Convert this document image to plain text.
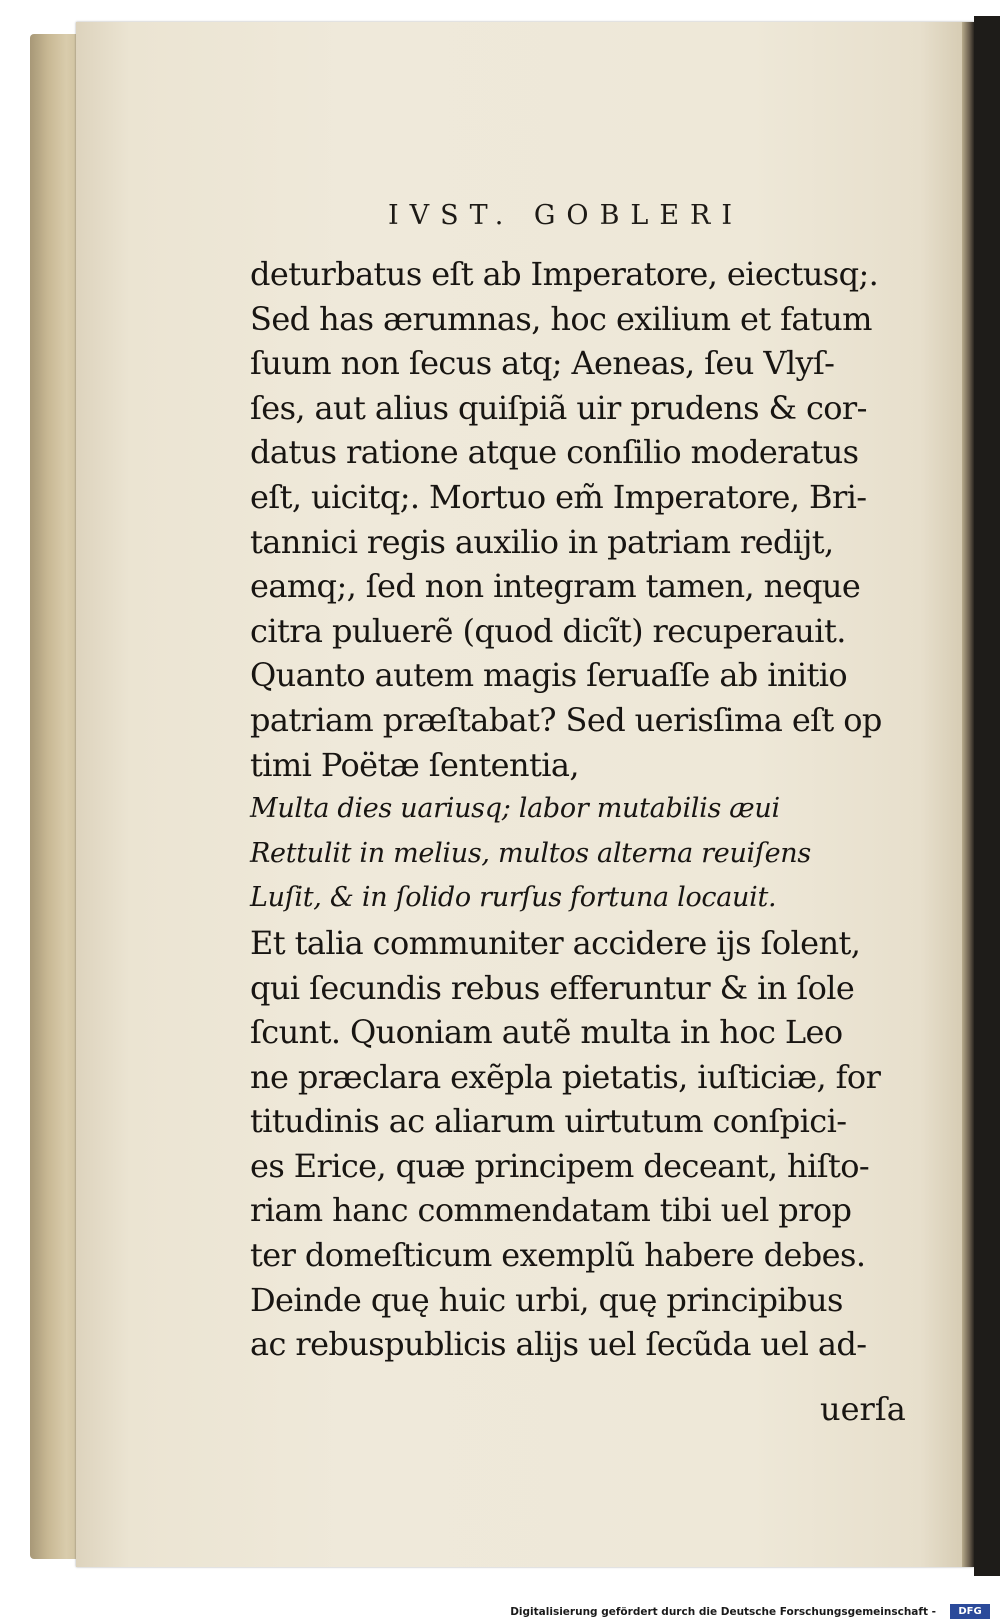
IVST. GOBLERI
deturbatus eſt ab Imperatore, eiectusq;.
Sed has ærumnas, hoc exilium et fatum
ſuum non ſecus atq; Aeneas, ſeu Vlyſ-
ſes, aut alius quiſpiã uir prudens & cor-
datus ratione atque conſilio moderatus
eſt, uicitq;. Mortuo em̃ Imperatore, Bri-
tannici regis auxilio in patriam rediјt,
eamq;, ſed non integram tamen, neque
citra puluerẽ (quod dicĩt) recuperauit.
Quanto autem magis ſeruaſſe ab initio
patriam præſtabat? Sed uerisſima eſt op
timi Poëtæ ſententia,
Multa dies uariusq; labor mutabilis æui
Rettulit in melius, multos alterna reuiſens
Luſit, & in ſolido rurſus fortuna locauit.
Et talia communiter accidere iјs ſolent,
qui ſecundis rebus efferuntur & in ſole
ſcunt. Quoniam autẽ multa in hoc Leo
ne præclara exẽpla pietatis, iuſticiæ, for
titudinis ac aliarum uirtutum conſpici-
es Erice, quæ principem deceant, hiſto-
riam hanc commendatam tibi uel prop
ter domeſticum exemplũ habere debes.
Deinde quę huic urbi, quę principibus
ac rebuspublicis aliјs uel ſecũda uel ad-
uerſa
Digitalisierung gefördert durch die Deutsche Forschungsgemeinschaft -	DFG
